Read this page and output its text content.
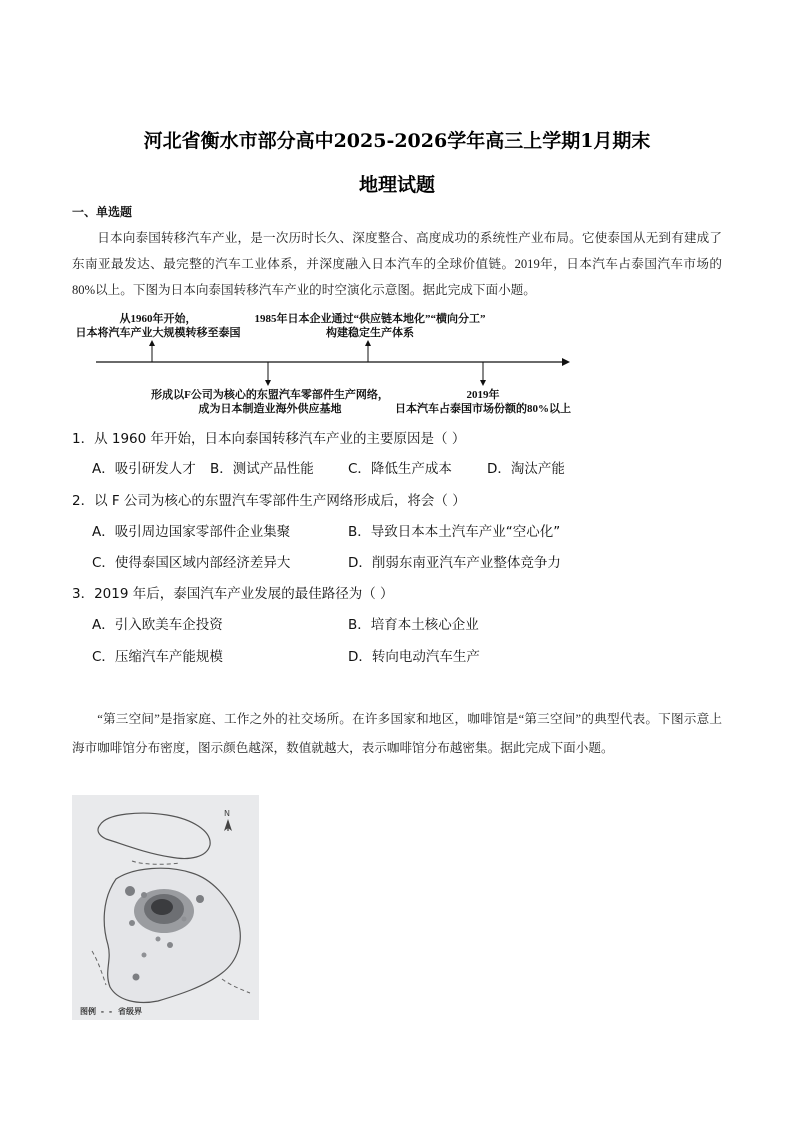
河北省衡水市部分高中2025-2026学年高三上学期1月期末
地理试题
一、单选题

日本向泰国转移汽车产业，是一次历时长久、深度整合、高度成功的系统性产业布局。它使泰国从无到有建成了东南亚最发达、最完整的汽车工业体系，并深度融入日本汽车的全球价值链。2019年，日本汽车占泰国汽车市场的80%以上。下图为日本向泰国转移汽车产业的时空演化示意图。据此完成下面小题。

从1960年开始，
日本将汽车产业大规模转移至泰国
1985年日本企业通过“供应链本地化”“横向分工”
构建稳定生产体系
形成以F公司为核心的东盟汽车零部件生产网络，
成为日本制造业海外供应基地
2019年
日本汽车占泰国市场份额的80%以上
1．从 1960 年开始，日本向泰国转移汽车产业的主要原因是（ ）
A．吸引研发人才 B．测试产品性能	C．降低生产成本	D．淘汰产能
2．以 F 公司为核心的东盟汽车零部件生产网络形成后，将会（ ）
A．吸引周边国家零部件企业集聚	B．导致日本本土汽车产业“空心化”
C．使得泰国区域内部经济差异大	D．削弱东南亚汽车产业整体竞争力
3．2019 年后，泰国汽车产业发展的最佳路径为（ ）
A．引入欧美车企投资	B．培育本土核心企业
C．压缩汽车产能规模	D．转向电动汽车生产

“第三空间”是指家庭、工作之外的社交场所。在许多国家和地区，咖啡馆是“第三空间”的典型代表。下图示意上海市咖啡馆分布密度，图示颜色越深，数值就越大，表示咖啡馆分布越密集。据此完成下面小题。

N
图例 - - 省级界
